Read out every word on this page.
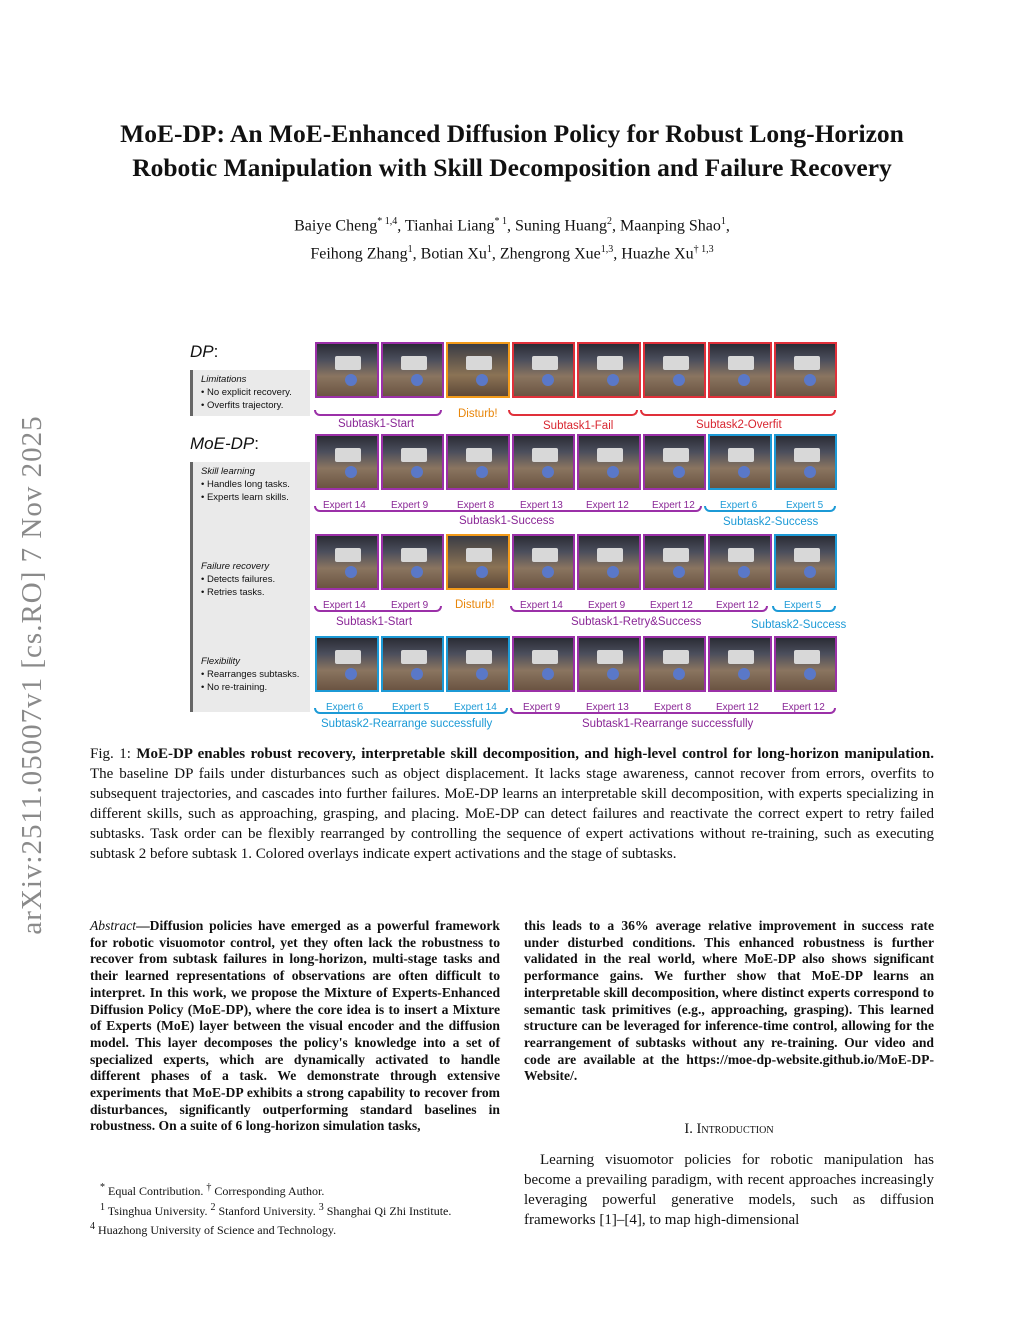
arXiv:2511.05007v1 [cs.RO] 7 Nov 2025
MoE-DP: An MoE-Enhanced Diffusion Policy for Robust Long-Horizon
Robotic Manipulation with Skill Decomposition and Failure Recovery
Baiye Cheng$^{* 1,4}$, Tianhai Liang$^{* 1}$, Suning Huang$^2$, Maanping Shao$^1$,
Feihong Zhang$^1$, Botian Xu$^1$, Zhengrong Xue$^{1,3}$, Huazhe Xu$^{\dagger 1,3}$
DP:
Limitations
• No explicit recovery.
• Overfits trajectory.
MoE-DP:
Skill learning
• Handles long tasks.
• Experts learn skills.
Failure recovery
• Detects failures.
• Retries tasks.
Flexibility
• Rearranges subtasks.
• No re-training.
Disturb!
Subtask1-Start	Subtask1-Fail	Subtask2-Overfit
Expert 14	Expert 9	Expert 8	Expert 13 Expert 12 Expert 12	Expert 6	Expert 5
Subtask1-Success	Subtask2-Success
Expert 14	Expert 9 Disturb!	Expert 14	Expert 9 Expert 12 Expert 12	Expert 5
Subtask1-Start	Subtask1-Retry&Success	Subtask2-Success
Expert 6	Expert 5 Expert 14	Expert 9	Expert 13	Expert 8 Expert 12 Expert 12
Subtask2-Rearrange successfully	Subtask1-Rearrange successfully
Fig. 1: MoE-DP enables robust recovery, interpretable skill decomposition, and high-level control for long-horizon manipulation. The baseline DP fails under disturbances such as object displacement. It lacks stage awareness, cannot recover from errors, overfits to subsequent trajectories, and cascades into further failures. MoE-DP learns an interpretable skill decomposition, with experts specializing in different skills, such as approaching, grasping, and placing. MoE-DP can detect failures and reactivate the correct expert to retry failed subtasks. Task order can be flexibly rearranged by controlling the sequence of expert activations without re-training, such as executing subtask 2 before subtask 1. Colored overlays indicate expert activations and the stage of subtasks.
Abstract—Diffusion policies have emerged as a powerful framework for robotic visuomotor control, yet they often lack the robustness to recover from subtask failures in long-horizon, multi-stage tasks and their learned representations of observations are often difficult to interpret. In this work, we propose the Mixture of Experts-Enhanced Diffusion Policy (MoE-DP), where the core idea is to insert a Mixture of Experts (MoE) layer between the visual encoder and the diffusion model. This layer decomposes the policy's knowledge into a set of specialized experts, which are dynamically activated to handle different phases of a task. We demonstrate through extensive experiments that MoE-DP exhibits a strong capability to recover from disturbances, significantly outperforming standard baselines in robustness. On a suite of 6 long-horizon simulation tasks,
this leads to a 36% average relative improvement in success rate under disturbed conditions. This enhanced robustness is further validated in the real world, where MoE-DP also shows significant performance gains. We further show that MoE-DP learns an interpretable skill decomposition, where distinct experts correspond to semantic task primitives (e.g., approaching, grasping). This learned structure can be leveraged for inference-time control, allowing for the rearrangement of subtasks without any re-training. Our video and code are available at the https://moe-dp-website.github.io/MoE-DP-Website/.
I. Introduction
Learning visuomotor policies for robotic manipulation has become a prevailing paradigm, with recent approaches increasingly leveraging powerful generative models, such as diffusion frameworks [1]–[4], to map high-dimensional
* Equal Contribution. † Corresponding Author.
$^1$ Tsinghua University. $^2$ Stanford University. $^3$ Shanghai Qi Zhi Institute.
$^4$ Huazhong University of Science and Technology.
